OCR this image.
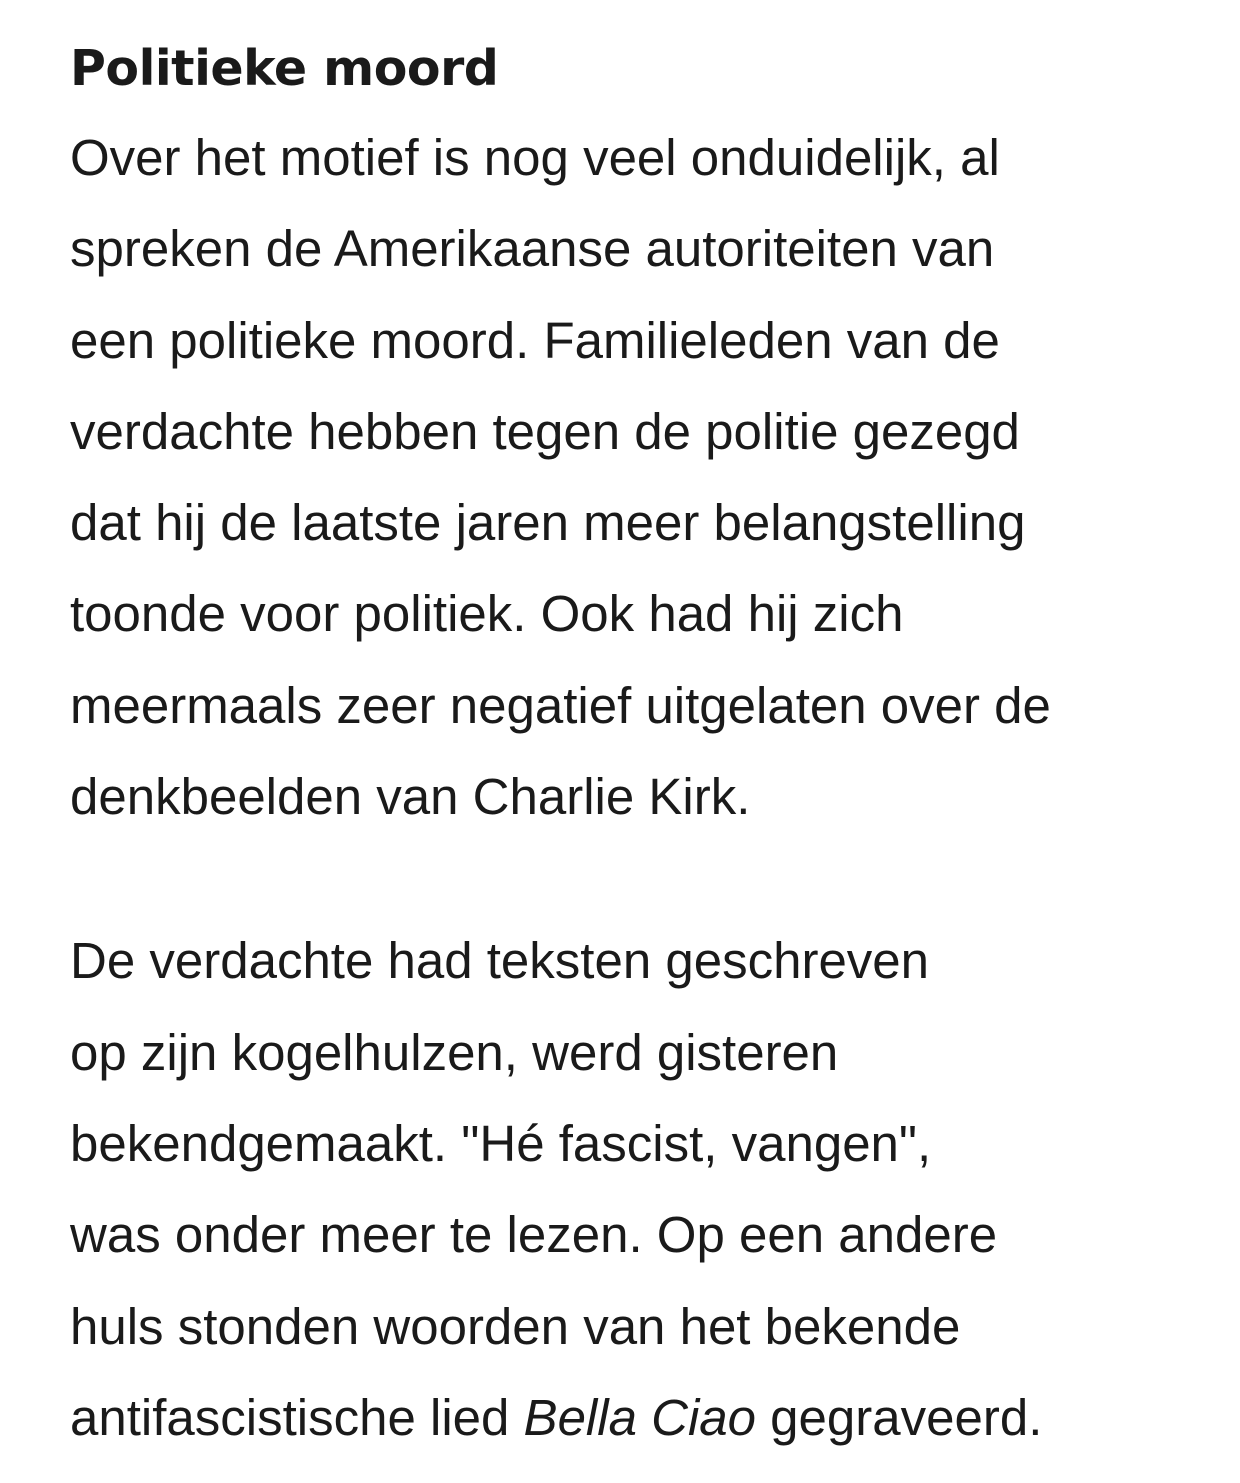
Politieke moord

Over het motief is nog veel onduidelijk, al
spreken de Amerikaanse autoriteiten van
een politieke moord. Familieleden van de
verdachte hebben tegen de politie gezegd
dat hij de laatste jaren meer belangstelling
toonde voor politiek. Ook had hij zich
meermaals zeer negatief uitgelaten over de
denkbeelden van Charlie Kirk.

De verdachte had teksten geschreven
op zijn kogelhulzen, werd gisteren
bekendgemaakt. "Hé fascist, vangen",
was onder meer te lezen. Op een andere
huls stonden woorden van het bekende
antifascistische lied Bella Ciao gegraveerd.
